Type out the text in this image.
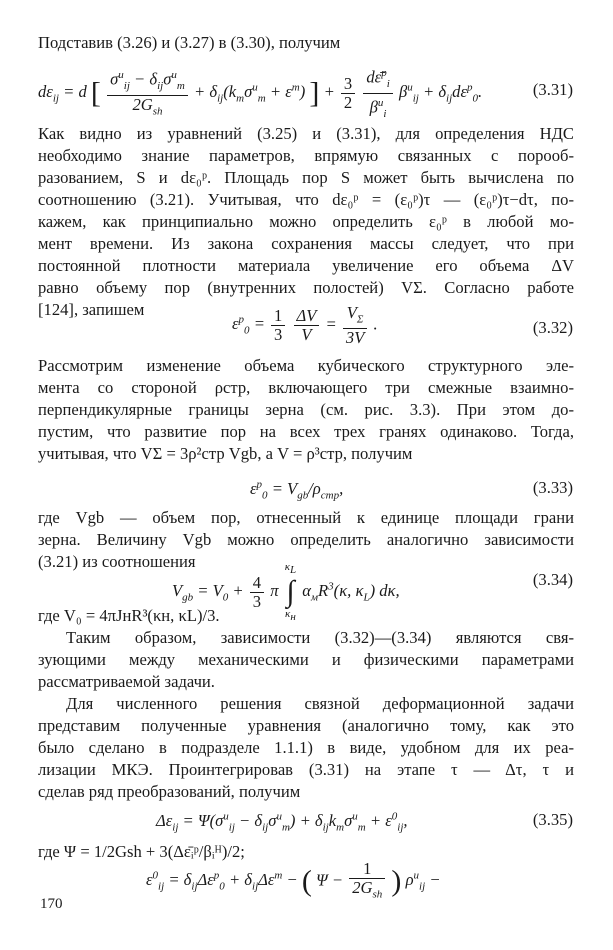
Подставив (3.26) и (3.27) в (3.30), получим
$d\varepsilon_{ij} = d$ [ $\frac{\sigma^и_{ij} - \delta_{ij}\sigma^и_m}{2G_{sh}} + \delta_{ij}(k_m\sigma^и_m + \varepsilon^т)$ ] + $\frac{3}{2}$
$\frac{d\varepsilon̄^p_i}{\beta^и_i} \beta^и_{ij} + \delta_{ij}d\varepsilon^p_0$.	(3.31)
Как видно из уравнений (3.25) и (3.31), для определения НДС
необходимо знание параметров, впрямую связанных с порооб-
разованием, S и dε₀ᵖ. Площадь пор S может быть вычислена по
соотношению (3.21). Учитывая, что dε₀ᵖ = (ε₀ᵖ)τ — (ε₀ᵖ)τ−dτ, по-
кажем, как принципиально можно определить ε₀ᵖ в любой мо-
мент времени. Из закона сохранения массы следует, что при
постоянной плотности материала увеличение его объема ΔV
равно объему пор (внутренних полостей) VΣ. Согласно работе
[124], запишем
$\varepsilon^p_0 = \frac{1}{3}$
$\frac{\Delta V}{V} = \frac{V_\Sigma}{3V}$ .	(3.32)
Рассмотрим изменение объема кубического структурного эле-
мента со стороной ρстр, включающего три смежные взаимно-
перпендикулярные границы зерна (см. рис. 3.3). При этом до-
пустим, что развитие пор на всех трех гранях одинаково. Тогда,
учитывая, что VΣ = 3ρ²стр Vgb, а V = ρ³стр, получим
$\varepsilon^p_0 = V_{gb}/\rho_{стр}$,	(3.33)
где Vgb — объем пор, отнесенный к единице площади грани
зерна. Величину Vgb можно определить аналогично зависимости
(3.21) из соотношения
$V_{gb} = V_0 + \frac{4}{3}$ π
$\kappa_L$
∫
$\kappa_н$
$\alpha_мR^3(\kappa$, $\kappa_L$) dκ,
(3.34)
где V₀ = 4πJнR³(κн, κL)/3.
Таким образом, зависимости (3.32)—(3.34) являются свя-
зующими между механическими и физическими параметрами
рассматриваемой задачи.
Для численного решения связной деформационной задачи
представим полученные уравнения (аналогично тому, как это
было сделано в подразделе 1.1.1) в виде, удобном для их реа-
лизации МКЭ. Проинтегрировав (3.31) на этапе τ — Δτ, τ и
сделав ряд преобразований, получим
$\Delta\varepsilon_{ij} = \Psi(\sigma^и_{ij} - \delta_{ij}\sigma^и_m) + \delta_{ij}k_m\sigma^и_m + \varepsilon^0_{ij}$,	(3.35)
где Ψ = 1/2Gsh + 3(Δε̄ᵢᵖ/βᵢᴴ)/2;
$\varepsilon^0_{ij} = \delta_{ij}\Delta\varepsilon^p_0 + \delta_{ij}\Delta\varepsilon^т$ − ( $\Psi - \frac{1}{2G_{sh}}$ ) $\rho^и_{ij}$ −
170
